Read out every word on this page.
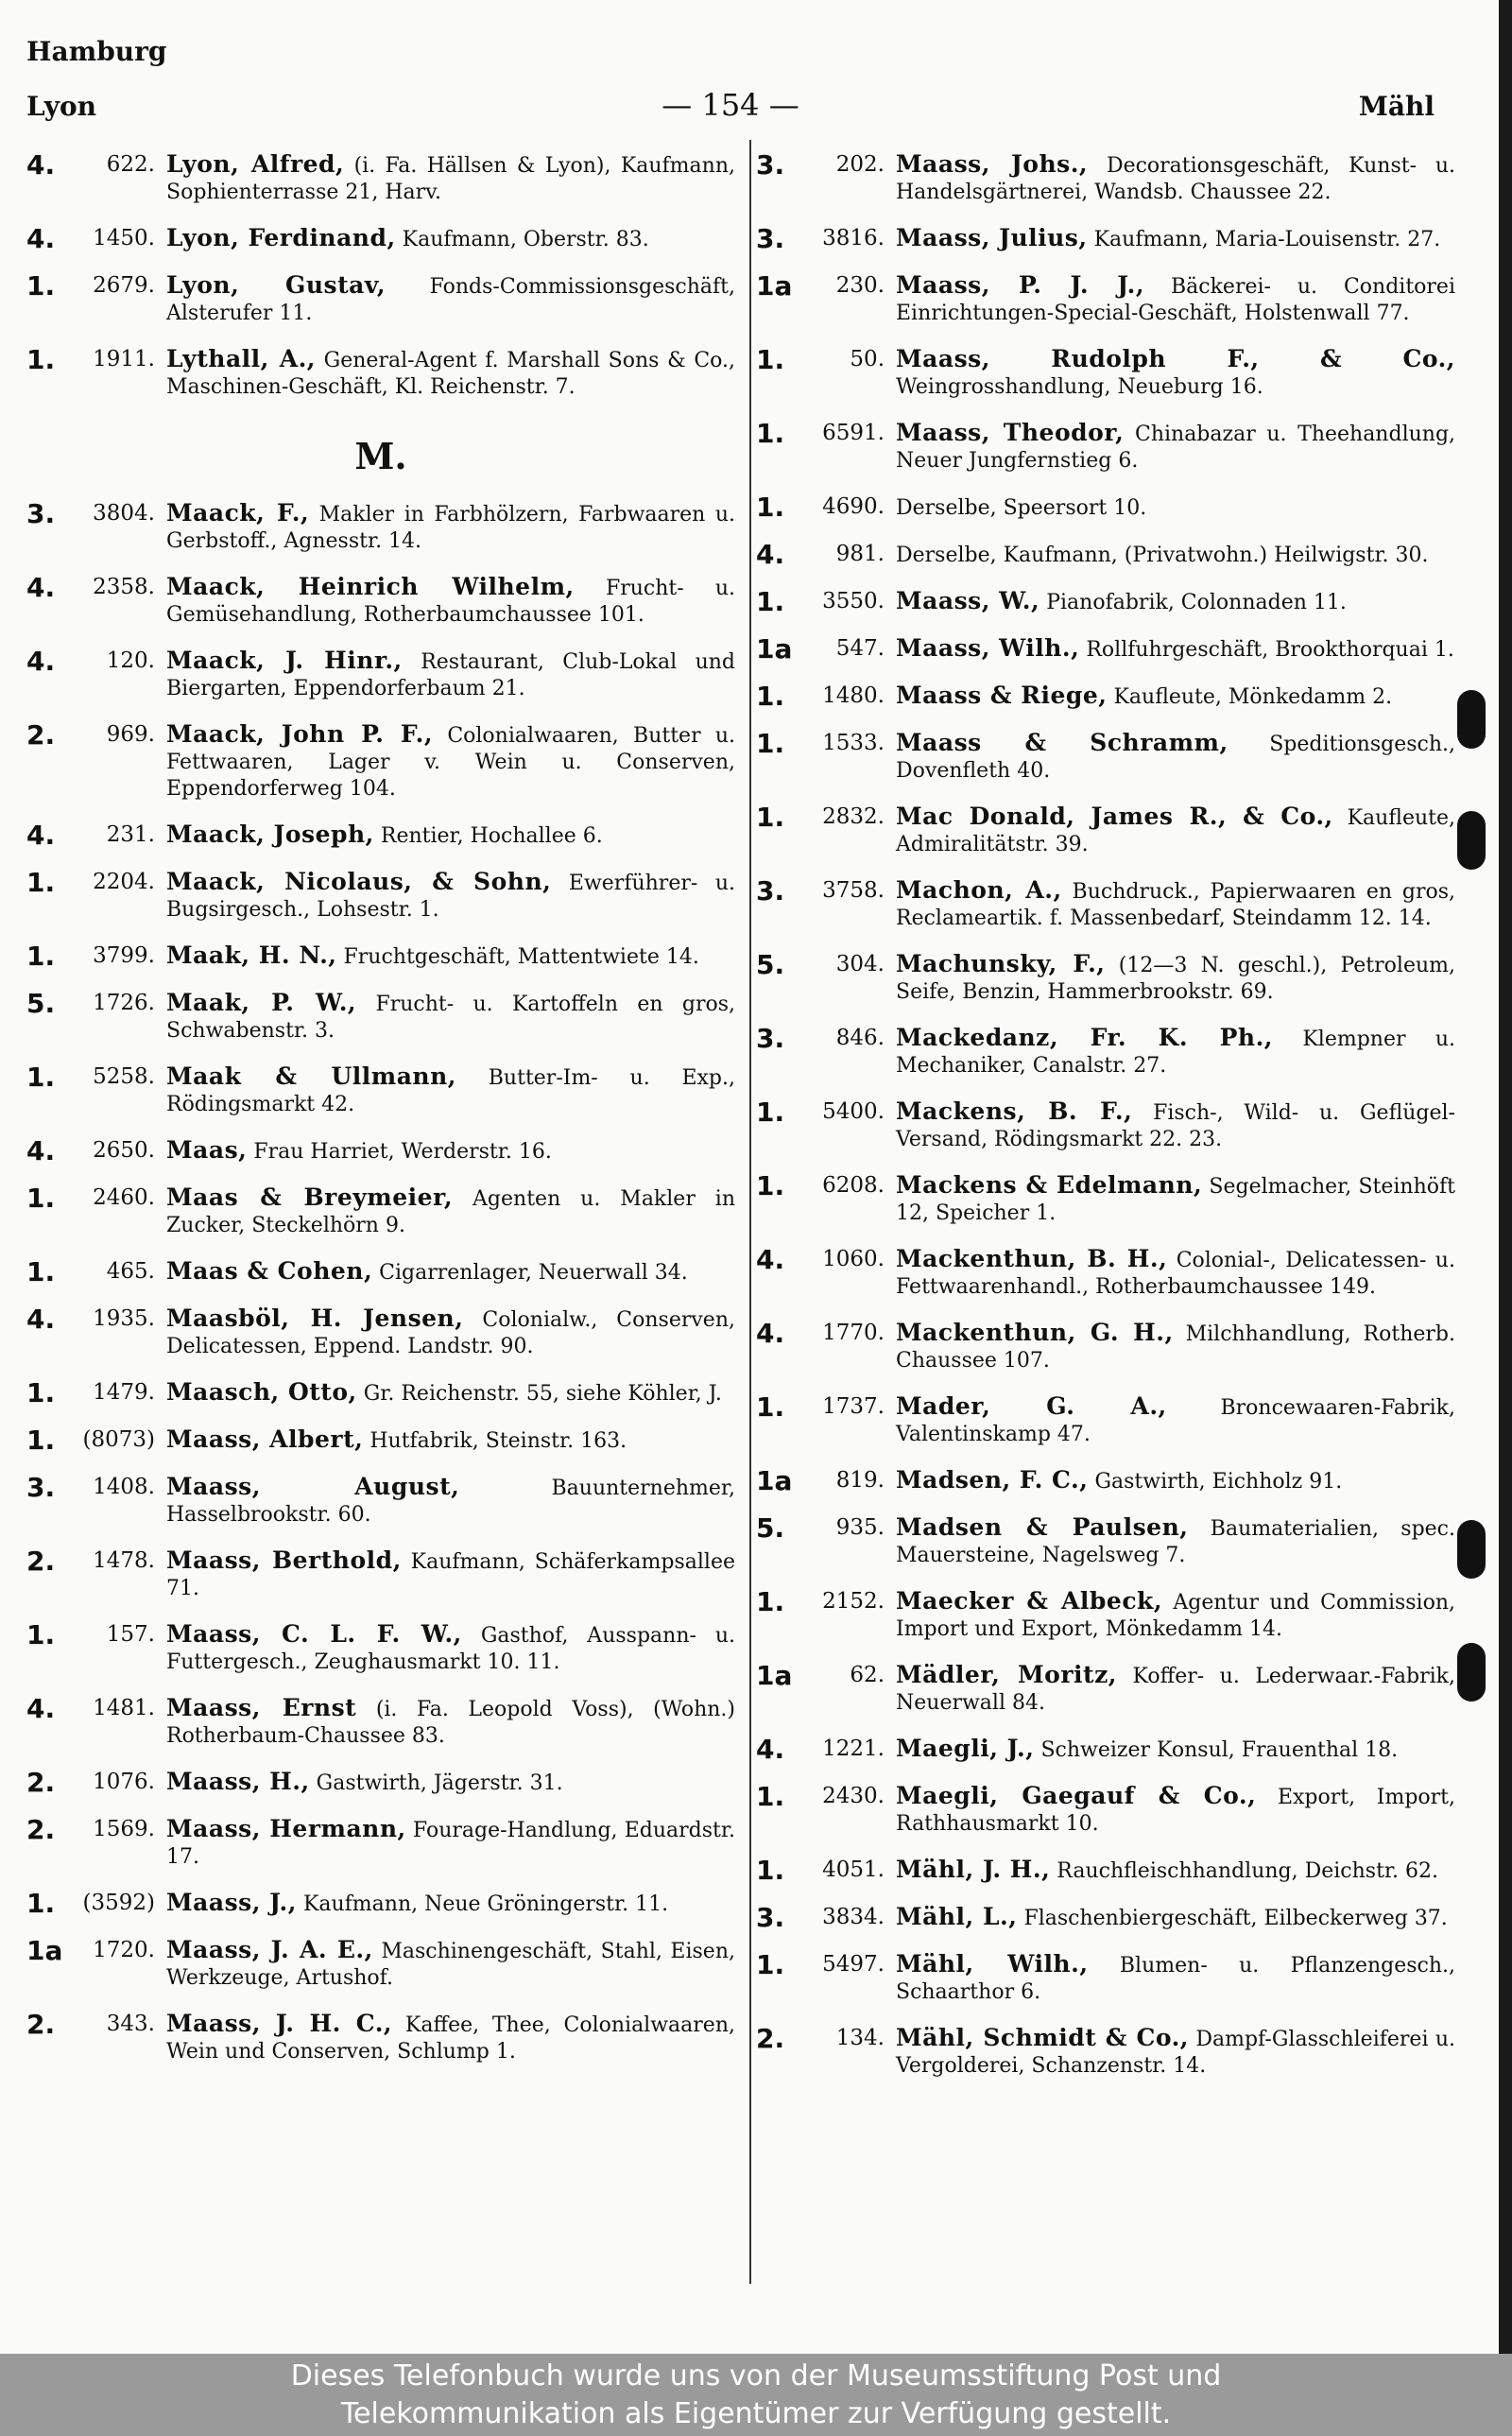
Hamburg
Lyon	— 154 —	Mähl
4.	622. Lyon, Alfred, (i. Fa. Hällsen & Lyon), Kaufmann, Sophienterrasse 21, Harv.
4.	1450. Lyon, Ferdinand, Kaufmann, Oberstr. 83.
1.	2679. Lyon, Gustav, Fonds-Commissionsgeschäft, Alsterufer 11.
1.	1911. Lythall, A., General-Agent f. Marshall Sons & Co., Maschinen-Geschäft, Kl. Reichenstr. 7.
M.
3.	3804. Maack, F., Makler in Farbhölzern, Farbwaaren u. Gerbstoff., Agnesstr. 14.
4.	2358. Maack, Heinrich Wilhelm, Frucht- u. Gemüsehandlung, Rotherbaumchaussee 101.
4.	120. Maack, J. Hinr., Restaurant, Club-Lokal und Biergarten, Eppendorferbaum 21.
2.	969. Maack, John P. F., Colonialwaaren, Butter u. Fettwaaren, Lager v. Wein u. Conserven, Eppendorferweg 104.
4.	231. Maack, Joseph, Rentier, Hochallee 6.
1.	2204. Maack, Nicolaus, & Sohn, Ewerführer- u. Bugsirgesch., Lohsestr. 1.
1.	3799. Maak, H. N., Fruchtgeschäft, Mattentwiete 14.
5.	1726. Maak, P. W., Frucht- u. Kartoffeln en gros, Schwabenstr. 3.
1.	5258. Maak & Ullmann, Butter-Im- u. Exp., Rödingsmarkt 42.
4.	2650. Maas, Frau Harriet, Werderstr. 16.
1.	2460. Maas & Breymeier, Agenten u. Makler in Zucker, Steckelhörn 9.
1.	465. Maas & Cohen, Cigarrenlager, Neuerwall 34.
4.	1935. Maasböl, H. Jensen, Colonialw., Conserven, Delicatessen, Eppend. Landstr. 90.
1.	1479. Maasch, Otto, Gr. Reichenstr. 55, siehe Köhler, J.
1.	(8073) Maass, Albert, Hutfabrik, Steinstr. 163.
3.	1408. Maass, August,	Bauunternehmer, Hasselbrookstr. 60.
2.	1478. Maass, Berthold, Kaufmann, Schäferkampsallee 71.
1.	157. Maass, C. L. F. W., Gasthof, Ausspann- u. Futtergesch., Zeughausmarkt 10. 11.
4.	1481. Maass, Ernst (i. Fa. Leopold Voss), (Wohn.) Rotherbaum-Chaussee 83.
2.	1076. Maass, H., Gastwirth, Jägerstr. 31.
2.	1569. Maass, Hermann, Fourage-Handlung, Eduardstr. 17.
1.	(3592) Maass, J., Kaufmann, Neue Gröningerstr. 11.
1a	1720. Maass, J. A. E., Maschinengeschäft, Stahl, Eisen, Werkzeuge, Artushof.
2.	343. Maass, J. H. C., Kaffee, Thee, Colonialwaaren, Wein und Conserven, Schlump 1.
3.	202. Maass, Johs., Decorationsgeschäft, Kunst- u. Handelsgärtnerei, Wandsb. Chaussee 22.
3.	3816. Maass, Julius, Kaufmann, Maria-Louisenstr. 27.
1a	230. Maass, P. J. J., Bäckerei- u. Conditorei Einrichtungen-Special-Geschäft, Holstenwall 77.
1.	50. Maass, Rudolph F., & Co., Weingrosshandlung, Neueburg 16.
1.	6591. Maass, Theodor, Chinabazar u. Theehandlung, Neuer Jungfernstieg 6.
1.	4690. Derselbe, Speersort 10.
4.	981. Derselbe, Kaufmann, (Privatwohn.) Heilwigstr. 30.
1.	3550. Maass, W., Pianofabrik, Colonnaden 11.
1a	547. Maass, Wilh., Rollfuhrgeschäft, Brookthorquai 1.
1.	1480. Maass & Riege, Kaufleute, Mönkedamm 2.
1.	1533. Maass & Schramm, Speditionsgesch., Dovenfleth 40.
1.	2832. Mac Donald, James R., & Co., Kaufleute, Admiralitätstr. 39.
3.	3758. Machon, A., Buchdruck., Papierwaaren en gros, Reclameartik. f. Massenbedarf, Steindamm 12. 14.
5.	304. Machunsky, F., (12—3 N. geschl.), Petroleum, Seife, Benzin, Hammerbrookstr. 69.
3.	846. Mackedanz, Fr. K. Ph., Klempner u. Mechaniker, Canalstr. 27.
1.	5400. Mackens, B. F., Fisch-, Wild- u. Geflügel-Versand, Rödingsmarkt 22. 23.
1.	6208. Mackens & Edelmann, Segelmacher, Steinhöft 12, Speicher 1.
4.	1060. Mackenthun, B. H., Colonial-, Delicatessen- u. Fettwaarenhandl., Rotherbaumchaussee 149.
4.	1770. Mackenthun, G. H., Milchhandlung, Rotherb. Chaussee 107.
1.	1737. Mader, G. A.,	Broncewaaren-Fabrik, Valentinskamp 47.
1a	819. Madsen, F. C., Gastwirth, Eichholz 91.
5.	935. Madsen & Paulsen, Baumaterialien, spec. Mauersteine, Nagelsweg 7.
1.	2152. Maecker & Albeck, Agentur und Commission, Import und Export, Mönkedamm 14.
1a	62. Mädler, Moritz, Koffer- u. Lederwaar.-Fabrik, Neuerwall 84.
4.	1221. Maegli, J., Schweizer Konsul, Frauenthal 18.
1.	2430. Maegli, Gaegauf & Co., Export, Import, Rathhausmarkt 10.
1.	4051. Mähl, J. H., Rauchfleischhandlung, Deichstr. 62.
3.	3834. Mähl, L., Flaschenbiergeschäft, Eilbeckerweg 37.
1.	5497. Mähl, Wilh., Blumen- u. Pflanzengesch., Schaarthor 6.
2.	134. Mähl, Schmidt & Co., Dampf-Glasschleiferei u. Vergolderei, Schanzenstr. 14.
Dieses Telefonbuch wurde uns von der Museumsstiftung Post und
Telekommunikation als Eigentümer zur Verfügung gestellt.
